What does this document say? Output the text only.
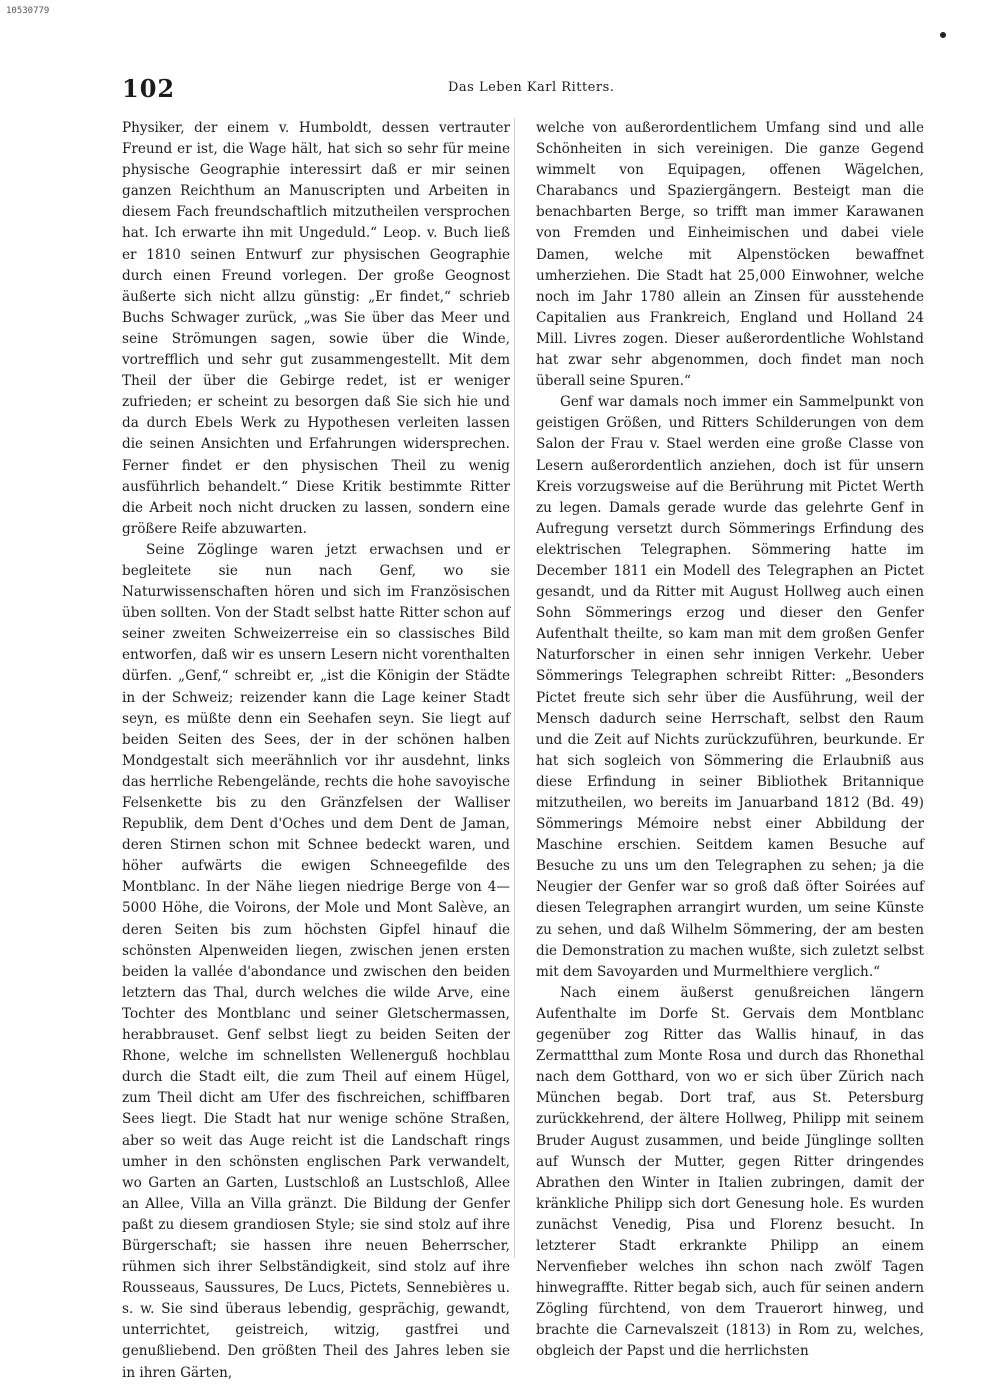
10530779
102	Das Leben Karl Ritters.

Physiker, der einem v. Humboldt, dessen vertrauter Freund er ist, die Wage hält, hat sich so sehr für meine physische Geographie interessirt daß er mir seinen ganzen Reichthum an Manuscripten und Arbeiten in diesem Fach freundschaftlich mitzutheilen versprochen hat. Ich erwarte ihn mit Ungeduld.“ Leop. v. Buch ließ er 1810 seinen Entwurf zur physischen Geographie durch einen Freund vorlegen. Der große Geognost äußerte sich nicht allzu günstig: „Er findet,“ schrieb Buchs Schwager zurück, „was Sie über das Meer und seine Strömungen sagen, sowie über die Winde, vortrefflich und sehr gut zusammengestellt. Mit dem Theil der über die Gebirge redet, ist er weniger zufrieden; er scheint zu besorgen daß Sie sich hie und da durch Ebels Werk zu Hypothesen verleiten lassen die seinen Ansichten und Erfahrungen widersprechen. Ferner findet er den physischen Theil zu wenig ausführlich behandelt.“ Diese Kritik bestimmte Ritter die Arbeit noch nicht drucken zu lassen, sondern eine größere Reife abzuwarten.

Seine Zöglinge waren jetzt erwachsen und er begleitete sie nun nach Genf, wo sie Naturwissenschaften hören und sich im Französischen üben sollten. Von der Stadt selbst hatte Ritter schon auf seiner zweiten Schweizerreise ein so classisches Bild entworfen, daß wir es unsern Lesern nicht vorenthalten dürfen. „Genf,“ schreibt er, „ist die Königin der Städte in der Schweiz; reizender kann die Lage keiner Stadt seyn, es müßte denn ein Seehafen seyn. Sie liegt auf beiden Seiten des Sees, der in der schönen halben Mondgestalt sich meerähnlich vor ihr ausdehnt, links das herrliche Rebengelände, rechts die hohe savoyische Felsenkette bis zu den Gränzfelsen der Walliser Republik, dem Dent d'Oches und dem Dent de Jaman, deren Stirnen schon mit Schnee bedeckt waren, und höher aufwärts die ewigen Schneegefilde des Montblanc. In der Nähe liegen niedrige Berge von 4—5000 Höhe, die Voirons, der Mole und Mont Salève, an deren Seiten bis zum höchsten Gipfel hinauf die schönsten Alpenweiden liegen, zwischen jenen ersten beiden la vallée d'abondance und zwischen den beiden letztern das Thal, durch welches die wilde Arve, eine Tochter des Montblanc und seiner Gletschermassen, herabbrauset. Genf selbst liegt zu beiden Seiten der Rhone, welche im schnellsten Wellenerguß hochblau durch die Stadt eilt, die zum Theil auf einem Hügel, zum Theil dicht am Ufer des fischreichen, schiffbaren Sees liegt. Die Stadt hat nur wenige schöne Straßen, aber so weit das Auge reicht ist die Landschaft rings umher in den schönsten englischen Park verwandelt, wo Garten an Garten, Lustschloß an Lustschloß, Allee an Allee, Villa an Villa gränzt. Die Bildung der Genfer paßt zu diesem grandiosen Style; sie sind stolz auf ihre Bürgerschaft; sie hassen ihre neuen Beherrscher, rühmen sich ihrer Selbständigkeit, sind stolz auf ihre Rousseaus, Saussures, De Lucs, Pictets, Sennebières u. s. w. Sie sind überaus lebendig, gesprächig, gewandt, unterrichtet, geistreich, witzig, gastfrei und genußliebend. Den größten Theil des Jahres leben sie in ihren Gärten,

welche von außerordentlichem Umfang sind und alle Schönheiten in sich vereinigen. Die ganze Gegend wimmelt von Equipagen, offenen Wägelchen, Charabancs und Spaziergängern. Besteigt man die benachbarten Berge, so trifft man immer Karawanen von Fremden und Einheimischen und dabei viele Damen, welche mit Alpenstöcken bewaffnet umherziehen. Die Stadt hat 25,000 Einwohner, welche noch im Jahr 1780 allein an Zinsen für ausstehende Capitalien aus Frankreich, England und Holland 24 Mill. Livres zogen. Dieser außerordentliche Wohlstand hat zwar sehr abgenommen, doch findet man noch überall seine Spuren.“

Genf war damals noch immer ein Sammelpunkt von geistigen Größen, und Ritters Schilderungen von dem Salon der Frau v. Stael werden eine große Classe von Lesern außerordentlich anziehen, doch ist für unsern Kreis vorzugsweise auf die Berührung mit Pictet Werth zu legen. Damals gerade wurde das gelehrte Genf in Aufregung versetzt durch Sömmerings Erfindung des elektrischen Telegraphen. Sömmering hatte im December 1811 ein Modell des Telegraphen an Pictet gesandt, und da Ritter mit August Hollweg auch einen Sohn Sömmerings erzog und dieser den Genfer Aufenthalt theilte, so kam man mit dem großen Genfer Naturforscher in einen sehr innigen Verkehr. Ueber Sömmerings Telegraphen schreibt Ritter: „Besonders Pictet freute sich sehr über die Ausführung, weil der Mensch dadurch seine Herrschaft, selbst den Raum und die Zeit auf Nichts zurückzuführen, beurkunde. Er hat sich sogleich von Sömmering die Erlaubniß aus diese Erfindung in seiner Bibliothek Britannique mitzutheilen, wo bereits im Januarband 1812 (Bd. 49) Sömmerings Mémoire nebst einer Abbildung der Maschine erschien. Seitdem kamen Besuche auf Besuche zu uns um den Telegraphen zu sehen; ja die Neugier der Genfer war so groß daß öfter Soirées auf diesen Telegraphen arrangirt wurden, um seine Künste zu sehen, und daß Wilhelm Sömmering, der am besten die Demonstration zu machen wußte, sich zuletzt selbst mit dem Savoyarden und Murmelthiere verglich.“

Nach einem äußerst genußreichen längern Aufenthalte im Dorfe St. Gervais dem Montblanc gegenüber zog Ritter das Wallis hinauf, in das Zermattthal zum Monte Rosa und durch das Rhonethal nach dem Gotthard, von wo er sich über Zürich nach München begab. Dort traf, aus St. Petersburg zurückkehrend, der ältere Hollweg, Philipp mit seinem Bruder August zusammen, und beide Jünglinge sollten auf Wunsch der Mutter, gegen Ritter dringendes Abrathen den Winter in Italien zubringen, damit der kränkliche Philipp sich dort Genesung hole. Es wurden zunächst Venedig, Pisa und Florenz besucht. In letzterer Stadt erkrankte Philipp an einem Nervenfieber welches ihn schon nach zwölf Tagen hinwegraffte. Ritter begab sich, auch für seinen andern Zögling fürchtend, von dem Trauerort hinweg, und brachte die Carnevalszeit (1813) in Rom zu, welches, obgleich der Papst und die herrlichsten
